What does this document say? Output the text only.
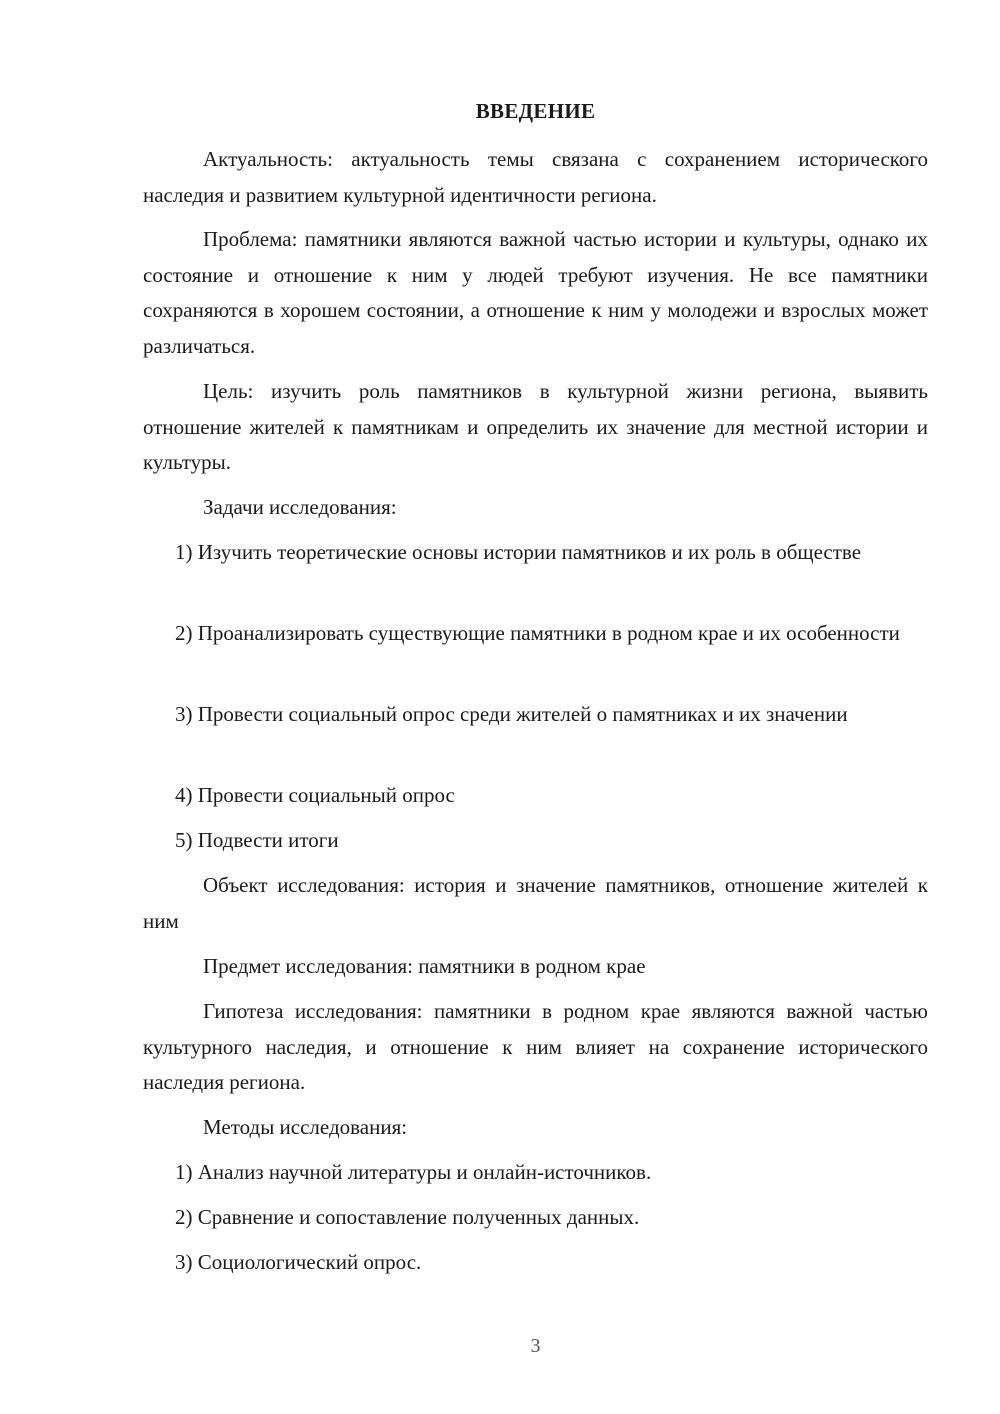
ВВЕДЕНИЕ
Актуальность: актуальность темы связана с сохранением исторического наследия и развитием культурной идентичности региона.
Проблема: памятники являются важной частью истории и культуры, однако их состояние и отношение к ним у людей требуют изучения. Не все памятники сохраняются в хорошем состоянии, а отношение к ним у молодежи и взрослых может различаться.
Цель: изучить роль памятников в культурной жизни региона, выявить отношение жителей к памятникам и определить их значение для местной истории и культуры.
Задачи исследования:
1) Изучить теоретические основы истории памятников и их роль в обществе
2) Проанализировать существующие памятники в родном крае и их особенности
3) Провести социальный опрос среди жителей о памятниках и их значении
4) Провести социальный опрос
5) Подвести итоги
Объект исследования: история и значение памятников, отношение жителей к ним
Предмет исследования: памятники в родном крае
Гипотеза исследования: памятники в родном крае являются важной частью культурного наследия, и отношение к ним влияет на сохранение исторического наследия региона.
Методы исследования:
1) Анализ научной литературы и онлайн-источников.
2) Сравнение и сопоставление полученных данных.
3) Социологический опрос.
3
